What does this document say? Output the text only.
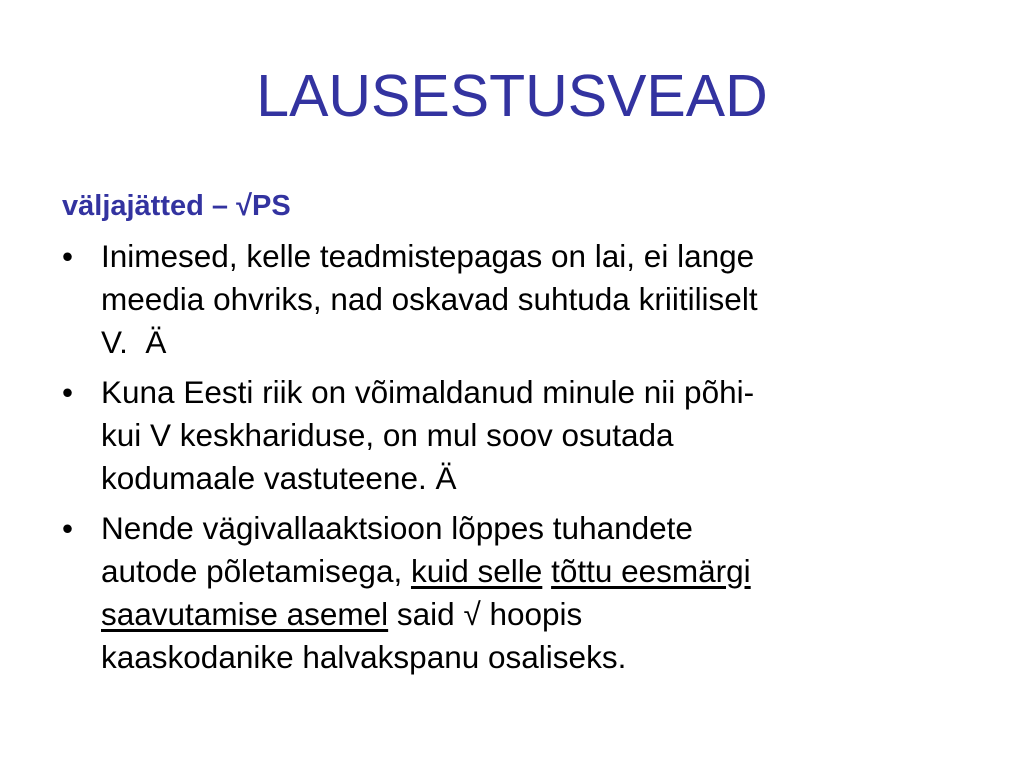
LAUSESTUSVEAD
väljajätted – √PS
• Inimesed, kelle teadmistepagas on lai, ei lange
meedia ohvriks, nad oskavad suhtuda kriitiliselt
V.  Ä
• Kuna Eesti riik on võimaldanud minule nii põhi-
kui V keskhariduse, on mul soov osutada
kodumaale vastuteene. Ä
• Nende vägivallaaktsioon lõppes tuhandete
autode põletamisega, kuid selle tõttu eesmärgi
saavutamise asemel said √ hoopis
kaaskodanike halvakspanu osaliseks.
